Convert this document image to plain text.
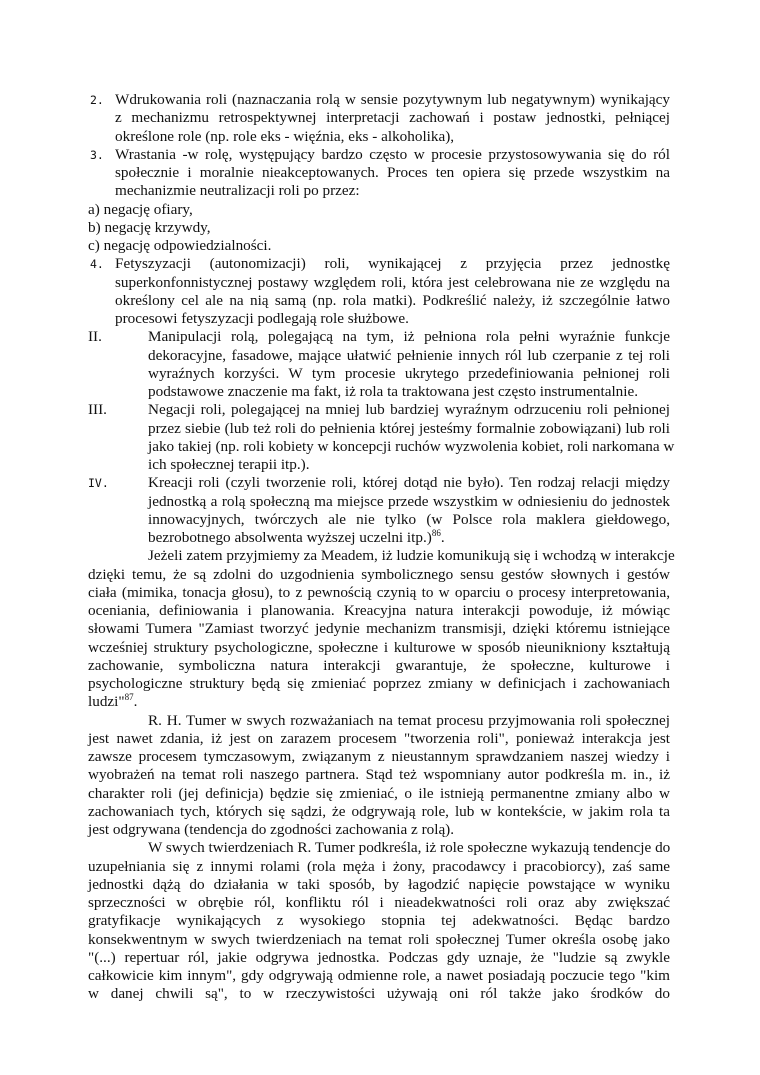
2. Wdrukowania roli (naznaczania rolą w sensie pozytywnym lub negatywnym) wynikający
z mechanizmu retrospektywnej interpretacji zachowań i postaw jednostki, pełniącej
określone role (np. role eks - więźnia, eks - alkoholika),
3. Wrastania -w rolę, występujący bardzo często w procesie przystosowywania się do ról
społecznie i moralnie nieakceptowanych. Proces ten opiera się przede wszystkim na
mechanizmie neutralizacji roli po przez:
a) negację ofiary,
b) negację krzywdy,
c) negację odpowiedzialności.
4. Fetyszyzacji (autonomizacji) roli, wynikającej z przyjęcia przez jednostkę
superkonfonnistycznej postawy względem roli, która jest celebrowana nie ze względu na
określony cel ale na nią samą (np. rola matki). Podkreślić należy, iż szczególnie łatwo
procesowi fetyszyzacji podlegają role służbowe.
II.	Manipulacji rolą, polegającą na tym, iż pełniona rola pełni wyraźnie funkcje
dekoracyjne, fasadowe, mające ułatwić pełnienie innych ról lub czerpanie z tej roli
wyraźnych korzyści. W tym procesie ukrytego przedefiniowania pełnionej roli
podstawowe znaczenie ma fakt, iż rola ta traktowana jest często instrumentalnie.
III.	Negacji roli, polegającej na mniej lub bardziej wyraźnym odrzuceniu roli pełnionej
przez siebie (lub też roli do pełnienia której jesteśmy formalnie zobowiązani) lub roli
jako takiej (np. roli kobiety w koncepcji ruchów wyzwolenia kobiet, roli narkomana w
ich społecznej terapii itp.).
IV.	Kreacji roli (czyli tworzenie roli, której dotąd nie było). Ten rodzaj relacji między
jednostką a rolą społeczną ma miejsce przede wszystkim w odniesieniu do jednostek
innowacyjnych, twórczych ale nie tylko (w Polsce rola maklera giełdowego,
bezrobotnego absolwenta wyższej uczelni itp.)$^{86}$.
Jeżeli zatem przyjmiemy za Meadem, iż ludzie komunikują się i wchodzą w interakcje
dzięki temu, że są zdolni do uzgodnienia symbolicznego sensu gestów słownych i gestów
ciała (mimika, tonacja głosu), to z pewnością czynią to w oparciu o procesy interpretowania,
oceniania, definiowania i planowania. Kreacyjna natura interakcji powoduje, iż mówiąc
słowami Tumera "Zamiast tworzyć jedynie mechanizm transmisji, dzięki któremu istniejące
wcześniej struktury psychologiczne, społeczne i kulturowe w sposób nieunikniony kształtują
zachowanie, symboliczna natura interakcji gwarantuje, że społeczne, kulturowe i
psychologiczne struktury będą się zmieniać poprzez zmiany w definicjach i zachowaniach
ludzi"$^{87}$.
R. H. Tumer w swych rozważaniach na temat procesu przyjmowania roli społecznej
jest nawet zdania, iż jest on zarazem procesem "tworzenia roli", ponieważ interakcja jest
zawsze procesem tymczasowym, związanym z nieustannym sprawdzaniem naszej wiedzy i
wyobrażeń na temat roli naszego partnera. Stąd też wspomniany autor podkreśla m. in., iż
charakter roli (jej definicja) będzie się zmieniać, o ile istnieją permanentne zmiany albo w
zachowaniach tych, których się sądzi, że odgrywają role, lub w kontekście, w jakim rola ta
jest odgrywana (tendencja do zgodności zachowania z rolą).
W swych twierdzeniach R. Tumer podkreśla, iż role społeczne wykazują tendencje do
uzupełniania się z innymi rolami (rola męża i żony, pracodawcy i pracobiorcy), zaś same
jednostki dążą do działania w taki sposób, by łagodzić napięcie powstające w wyniku
sprzeczności w obrębie ról, konfliktu ról i nieadekwatności roli oraz aby zwiększać
gratyfikacje wynikających z wysokiego stopnia tej adekwatności. Będąc bardzo
konsekwentnym w swych twierdzeniach na temat roli społecznej Tumer określa osobę jako
"(...) repertuar ról, jakie odgrywa jednostka. Podczas gdy uznaje, że "ludzie są zwykle
całkowicie kim innym", gdy odgrywają odmienne role, a nawet posiadają poczucie tego "kim
w danej chwili są", to w rzeczywistości używają oni ról także jako środków do
